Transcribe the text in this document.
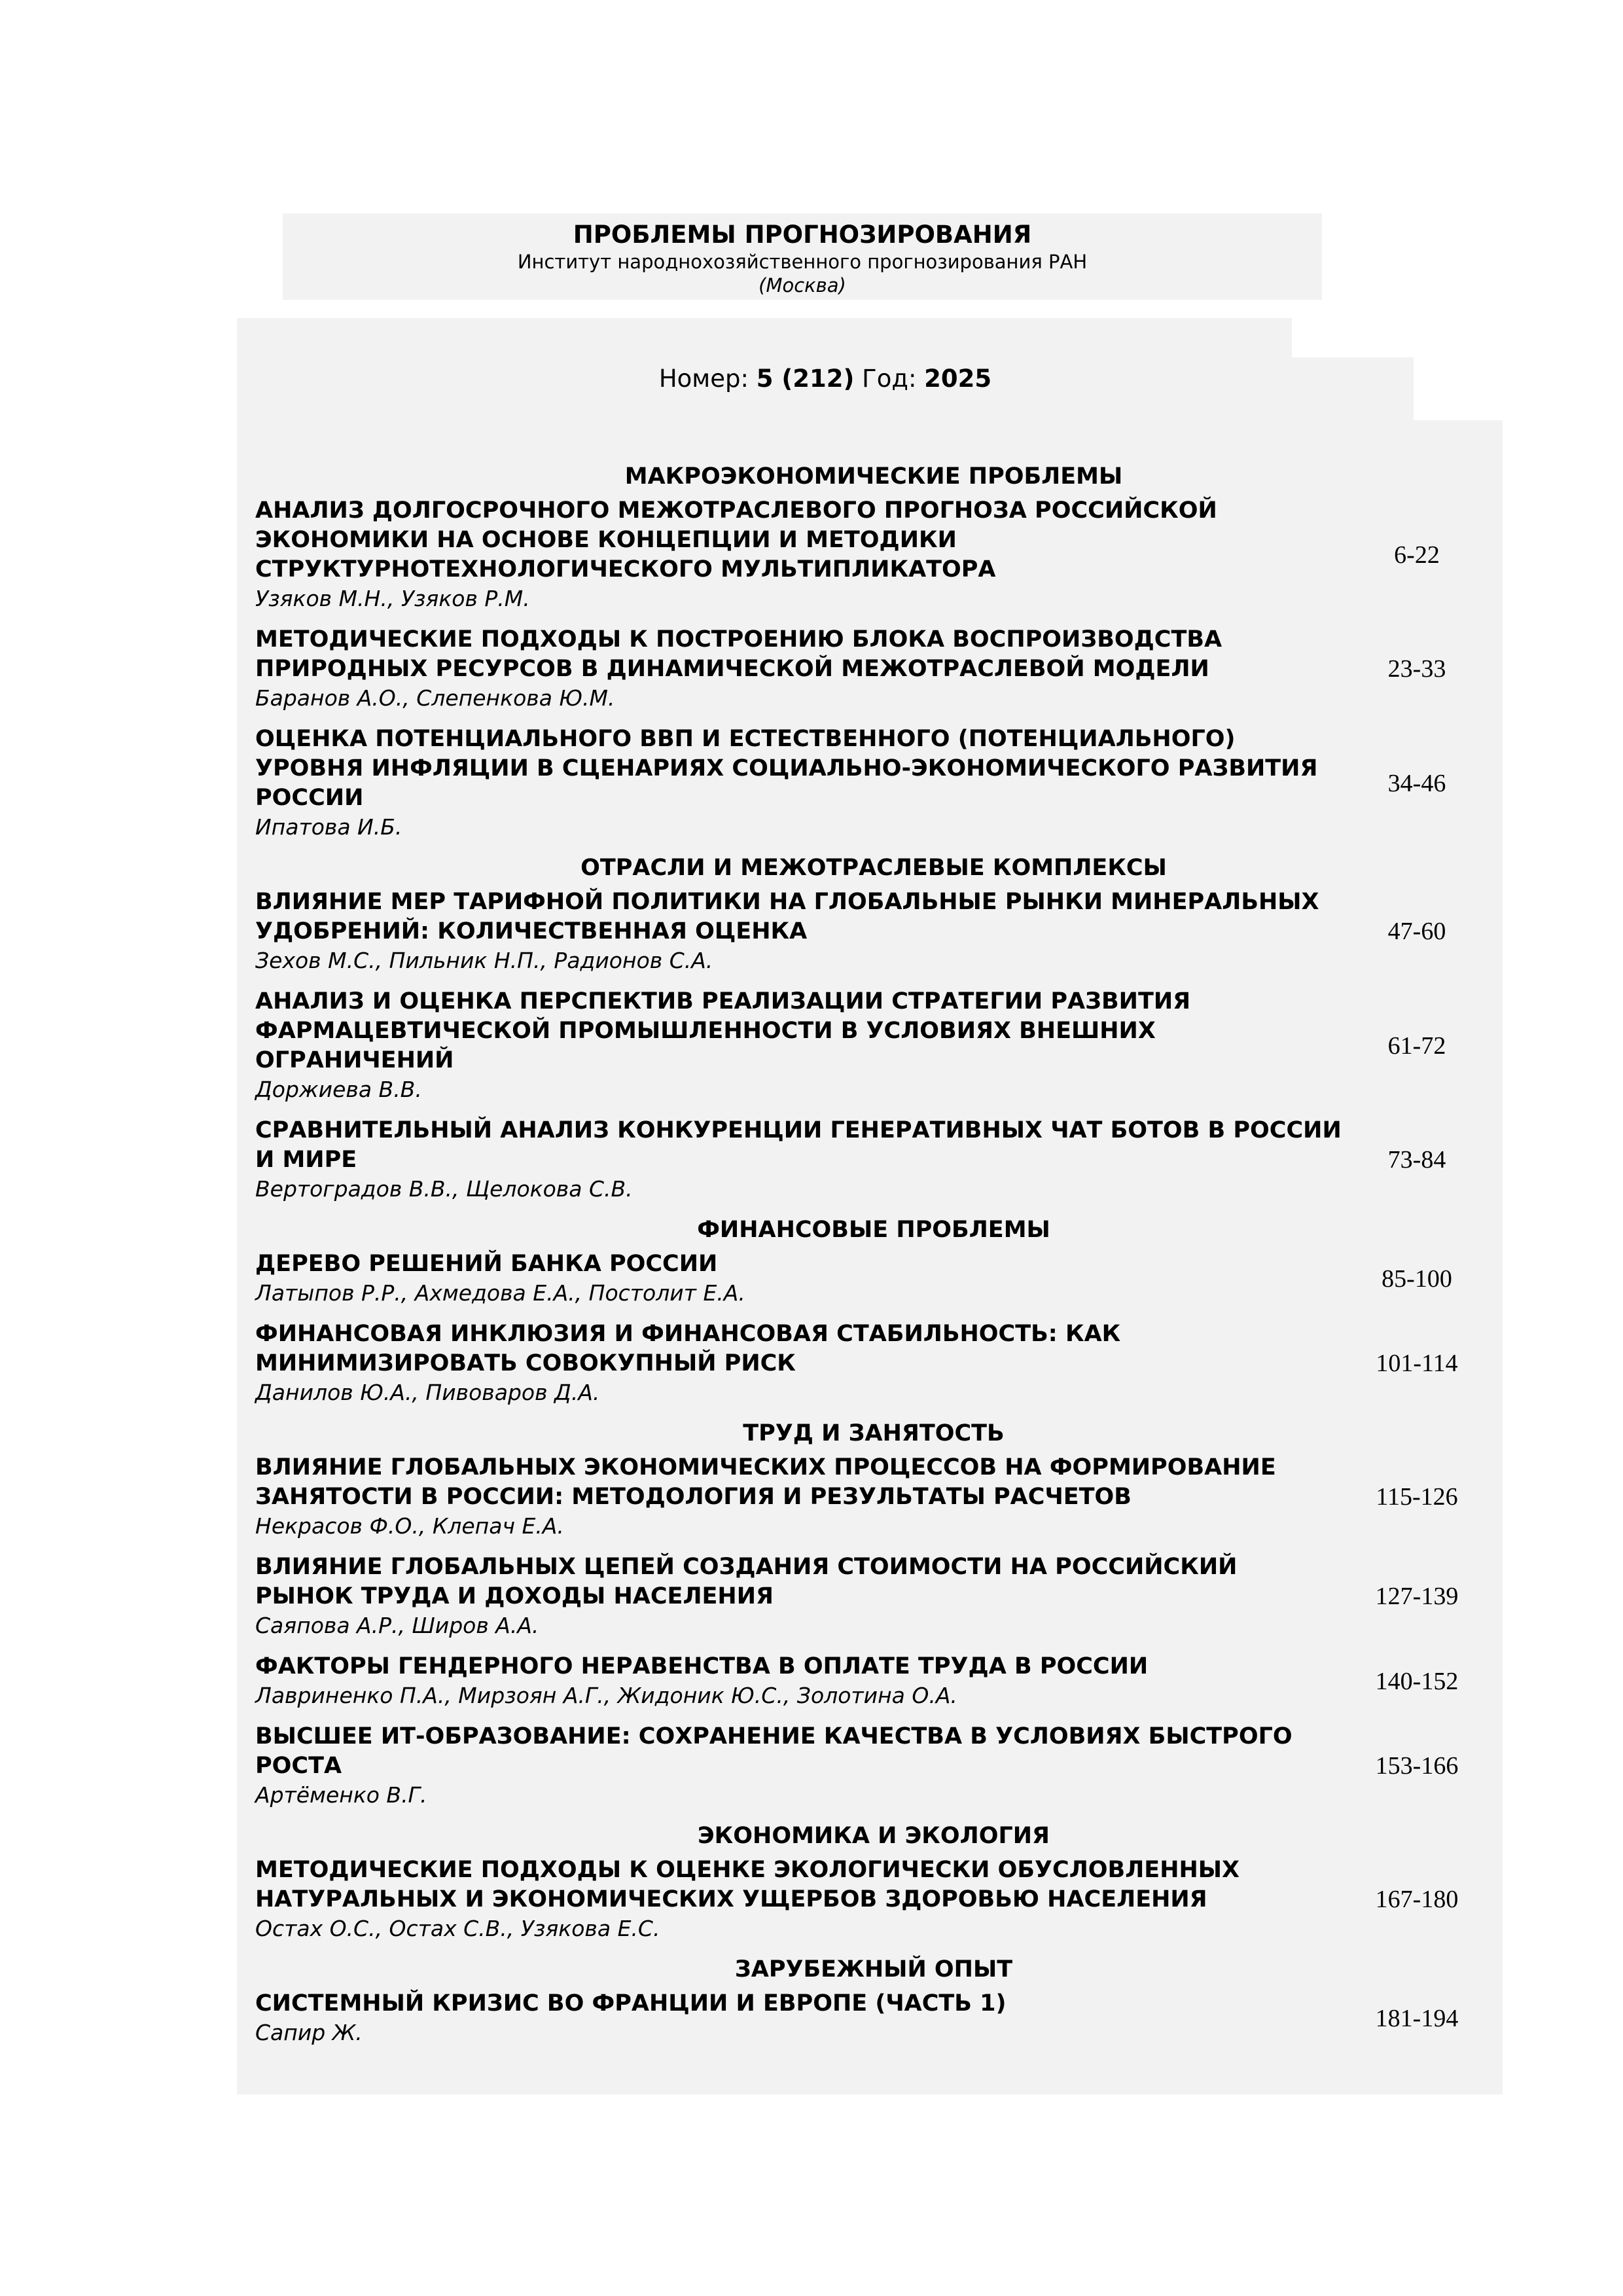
ПРОБЛЕМЫ ПРОГНОЗИРОВАНИЯ
Институт народнохозяйственного прогнозирования РАН
(Москва)
Номер: 5 (212) Год: 2025
МАКРОЭКОНОМИЧЕСКИЕ ПРОБЛЕМЫ
АНАЛИЗ ДОЛГОСРОЧНОГО МЕЖОТРАСЛЕВОГО ПРОГНОЗА РОССИЙСКОЙ ЭКОНОМИКИ НА ОСНОВЕ КОНЦЕПЦИИ И МЕТОДИКИ СТРУКТУРНОТЕХНОЛОГИЧЕСКОГО МУЛЬТИПЛИКАТОРА
Узяков М.Н., Узяков Р.М.
6-22
МЕТОДИЧЕСКИЕ ПОДХОДЫ К ПОСТРОЕНИЮ БЛОКА ВОСПРОИЗВОДСТВА ПРИРОДНЫХ РЕСУРСОВ В ДИНАМИЧЕСКОЙ МЕЖОТРАСЛЕВОЙ МОДЕЛИ
Баранов А.О., Слепенкова Ю.М.
23-33
ОЦЕНКА ПОТЕНЦИАЛЬНОГО ВВП И ЕСТЕСТВЕННОГО (ПОТЕНЦИАЛЬНОГО) УРОВНЯ ИНФЛЯЦИИ В СЦЕНАРИЯХ СОЦИАЛЬНО-ЭКОНОМИЧЕСКОГО РАЗВИТИЯ РОССИИ
Ипатова И.Б.
34-46
ОТРАСЛИ И МЕЖОТРАСЛЕВЫЕ КОМПЛЕКСЫ
ВЛИЯНИЕ МЕР ТАРИФНОЙ ПОЛИТИКИ НА ГЛОБАЛЬНЫЕ РЫНКИ МИНЕРАЛЬНЫХ УДОБРЕНИЙ: КОЛИЧЕСТВЕННАЯ ОЦЕНКА
Зехов М.С., Пильник Н.П., Радионов С.А.
47-60
АНАЛИЗ И ОЦЕНКА ПЕРСПЕКТИВ РЕАЛИЗАЦИИ СТРАТЕГИИ РАЗВИТИЯ ФАРМАЦЕВТИЧЕСКОЙ ПРОМЫШЛЕННОСТИ В УСЛОВИЯХ ВНЕШНИХ ОГРАНИЧЕНИЙ
Доржиева В.В.
61-72
СРАВНИТЕЛЬНЫЙ АНАЛИЗ КОНКУРЕНЦИИ ГЕНЕРАТИВНЫХ ЧАТ БОТОВ В РОССИИ И МИРЕ
Вертоградов В.В., Щелокова С.В.
73-84
ФИНАНСОВЫЕ ПРОБЛЕМЫ
ДЕРЕВО РЕШЕНИЙ БАНКА РОССИИ
Латыпов Р.Р., Ахмедова Е.А., Постолит Е.А.
85-100
ФИНАНСОВАЯ ИНКЛЮЗИЯ И ФИНАНСОВАЯ СТАБИЛЬНОСТЬ: КАК МИНИМИЗИРОВАТЬ СОВОКУПНЫЙ РИСК
Данилов Ю.А., Пивоваров Д.А.
101-114
ТРУД И ЗАНЯТОСТЬ
ВЛИЯНИЕ ГЛОБАЛЬНЫХ ЭКОНОМИЧЕСКИХ ПРОЦЕССОВ НА ФОРМИРОВАНИЕ ЗАНЯТОСТИ В РОССИИ: МЕТОДОЛОГИЯ И РЕЗУЛЬТАТЫ РАСЧЕТОВ
Некрасов Ф.О., Клепач Е.А.
115-126
ВЛИЯНИЕ ГЛОБАЛЬНЫХ ЦЕПЕЙ СОЗДАНИЯ СТОИМОСТИ НА РОССИЙСКИЙ РЫНОК ТРУДА И ДОХОДЫ НАСЕЛЕНИЯ
Саяпова А.Р., Широв А.А.
127-139
ФАКТОРЫ ГЕНДЕРНОГО НЕРАВЕНСТВА В ОПЛАТЕ ТРУДА В РОССИИ
Лавриненко П.А., Мирзоян А.Г., Жидоник Ю.С., Золотина О.А.
140-152
ВЫСШЕЕ ИТ-ОБРАЗОВАНИЕ: СОХРАНЕНИЕ КАЧЕСТВА В УСЛОВИЯХ БЫСТРОГО РОСТА
Артёменко В.Г.
153-166
ЭКОНОМИКА И ЭКОЛОГИЯ
МЕТОДИЧЕСКИЕ ПОДХОДЫ К ОЦЕНКЕ ЭКОЛОГИЧЕСКИ ОБУСЛОВЛЕННЫХ НАТУРАЛЬНЫХ И ЭКОНОМИЧЕСКИХ УЩЕРБОВ ЗДОРОВЬЮ НАСЕЛЕНИЯ
Остах О.С., Остах С.В., Узякова Е.С.
167-180
ЗАРУБЕЖНЫЙ ОПЫТ
СИСТЕМНЫЙ КРИЗИС ВО ФРАНЦИИ И ЕВРОПЕ (ЧАСТЬ 1)
Сапир Ж.
181-194
